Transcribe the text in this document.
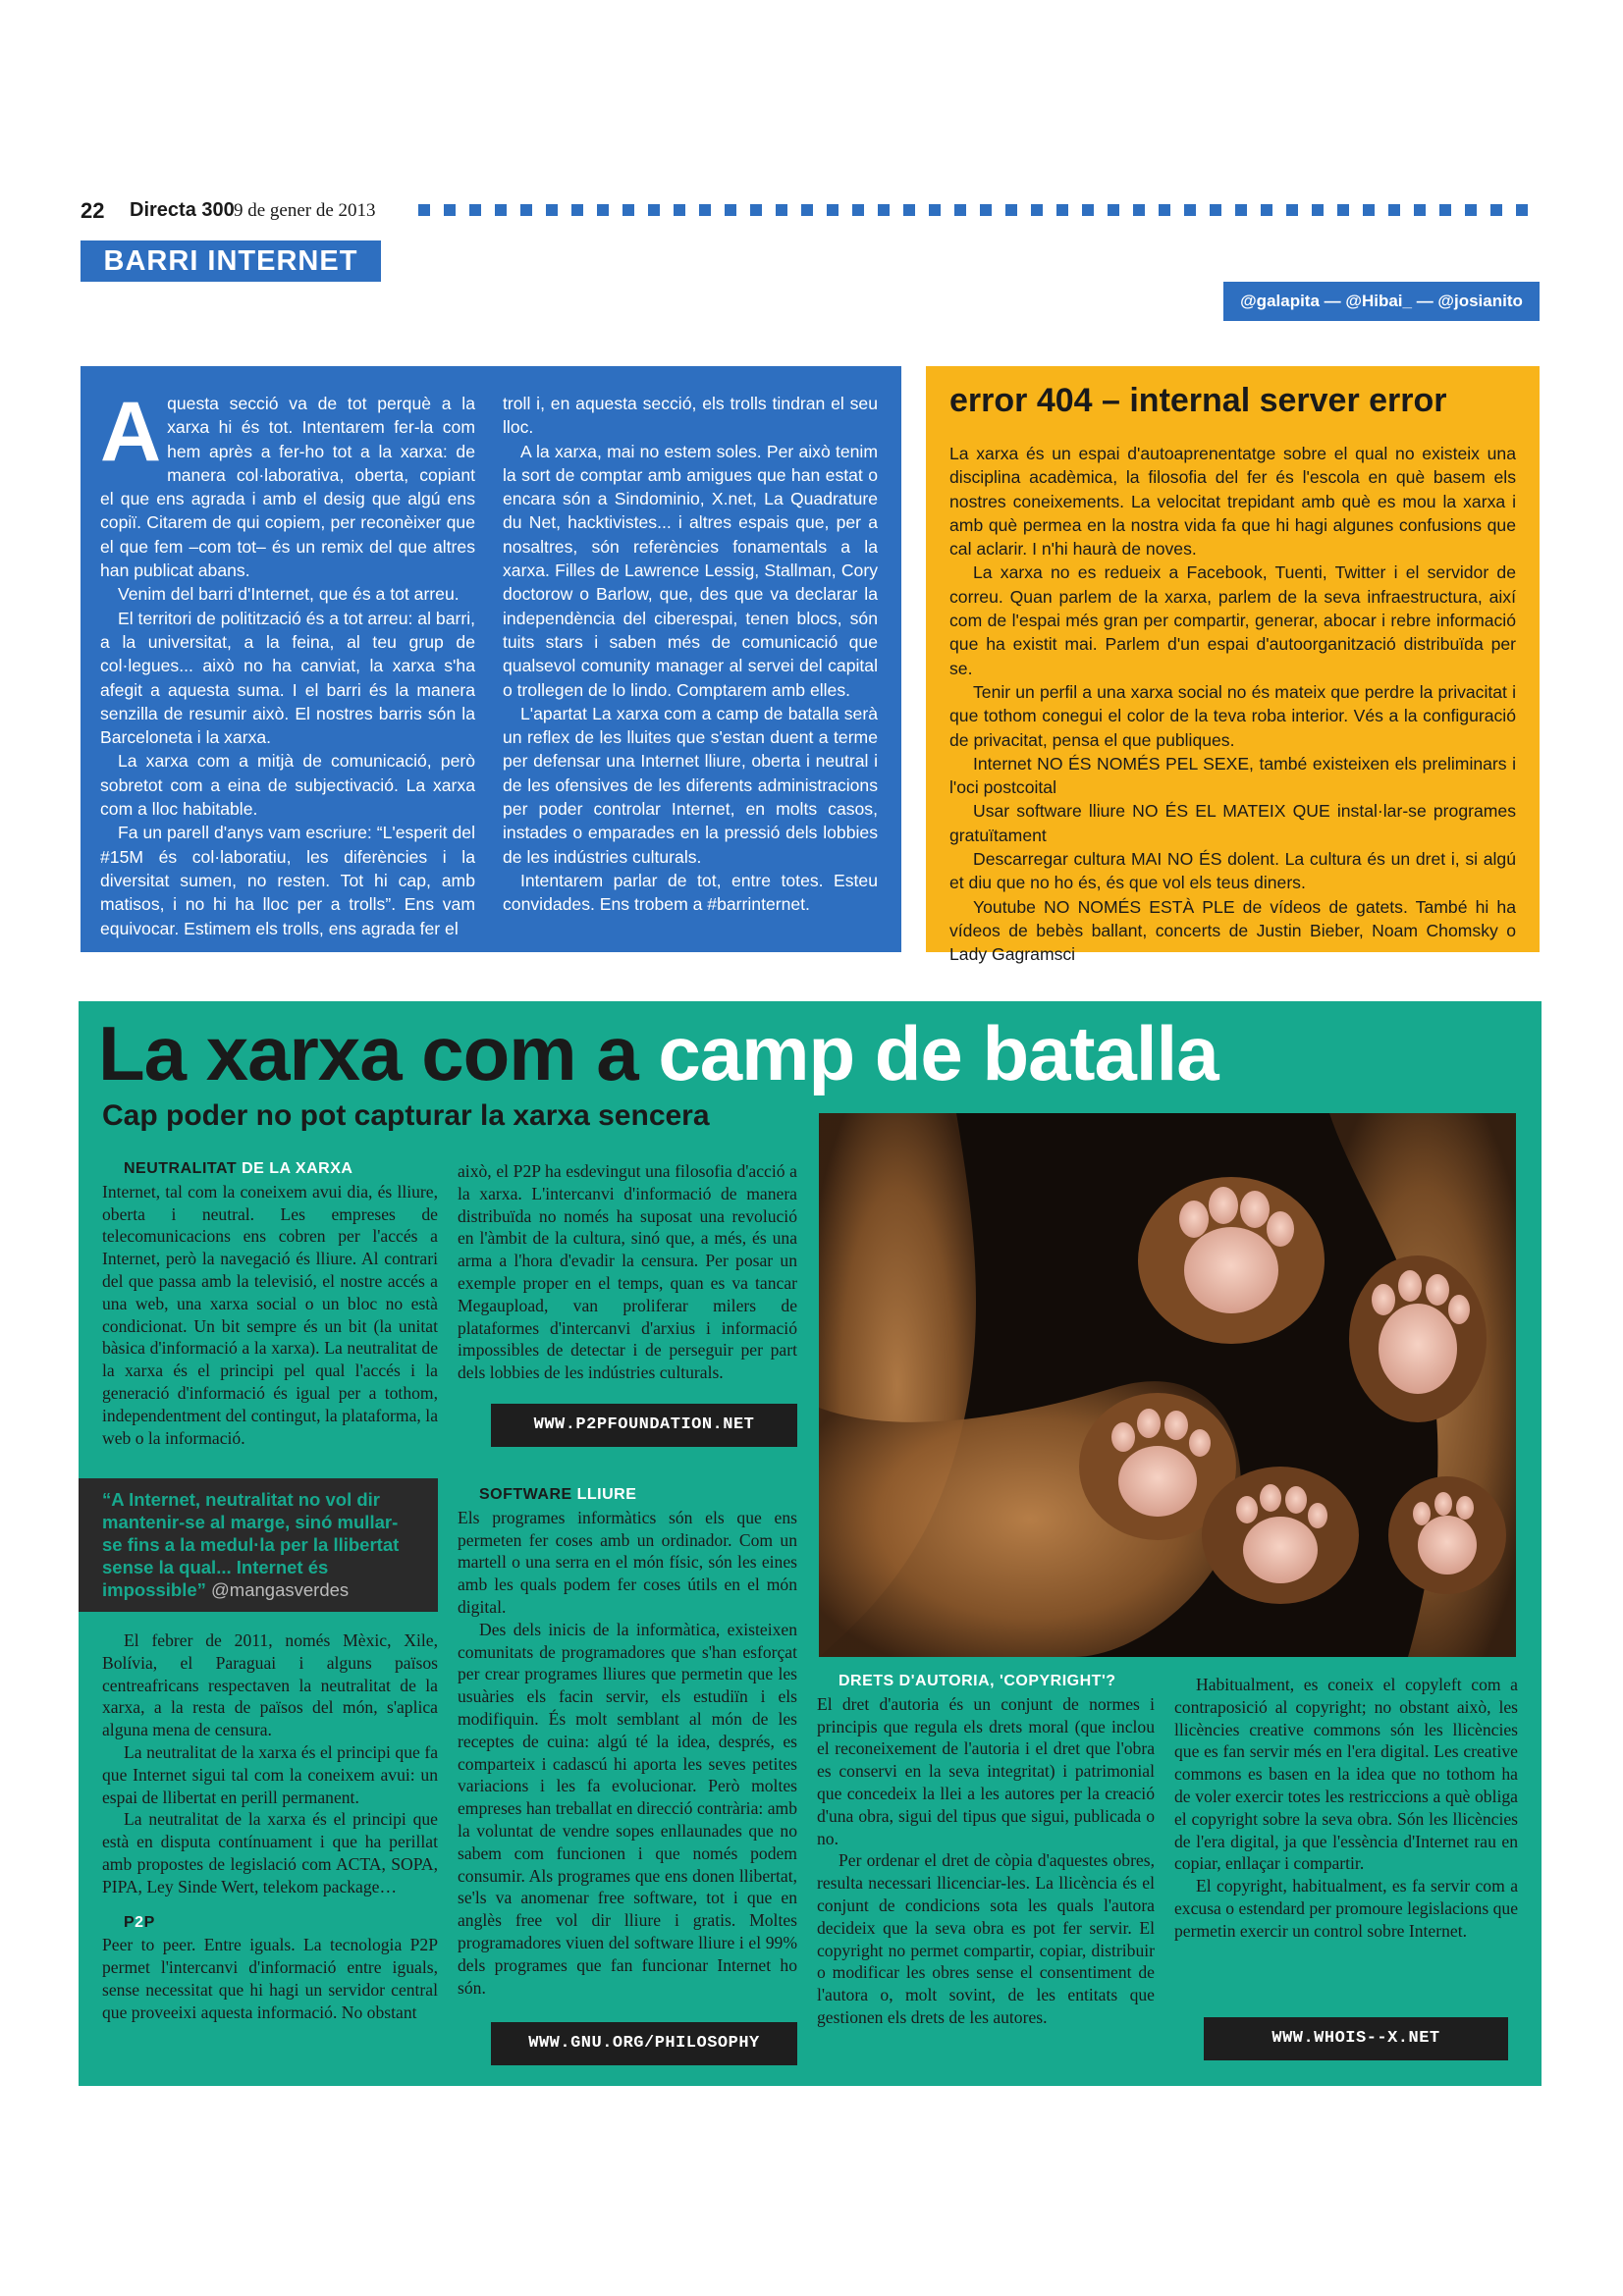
22 Directa 300 9 de gener de 2013
BARRI INTERNET
@galapita — @Hibai_ — @josianito

Aquesta secció va de tot perquè a la xarxa hi és tot. Intentarem fer-la com hem après a fer-ho tot a la xarxa: de manera col·laborativa, oberta, copiant el que ens agrada i amb el desig que algú ens copiï. Citarem de qui copiem, per reconèixer que el que fem –com tot– és un remix del que altres han publicat abans.

Venim del barri d'Internet, que és a tot arreu.

El territori de politització és a tot arreu: al barri, a la universitat, a la feina, al teu grup de col·legues... això no ha canviat, la xarxa s'ha afegit a aquesta suma. I el barri és la manera senzilla de resumir això. El nostres barris són la Barceloneta i la xarxa.

La xarxa com a mitjà de comunicació, però sobretot com a eina de subjectivació. La xarxa com a lloc habitable.

Fa un parell d'anys vam escriure: “L'esperit del #15M és col·laboratiu, les diferències i la diversitat sumen, no resten. Tot hi cap, amb matisos, i no hi ha lloc per a trolls”. Ens vam equivocar. Estimem els trolls, ens agrada fer el

troll i, en aquesta secció, els trolls tindran el seu lloc.

A la xarxa, mai no estem soles. Per això tenim la sort de comptar amb amigues que han estat o encara són a Sindominio, X.net, La Quadrature du Net, hacktivistes... i altres espais que, per a nosaltres, són referències fonamentals a la xarxa. Filles de Lawrence Lessig, Stallman, Cory doctorow o Barlow, que, des que va declarar la independència del ciberespai, tenen blocs, són tuits stars i saben més de comunicació que qualsevol comunity manager al servei del capital o trollegen de lo lindo. Comptarem amb elles.

L'apartat La xarxa com a camp de batalla serà un reflex de les lluites que s'estan duent a terme per defensar una Internet lliure, oberta i neutral i de les ofensives de les diferents administracions per poder controlar Internet, en molts casos, instades o emparades en la pressió dels lobbies de les indústries culturals.

Intentarem parlar de tot, entre totes. Esteu convidades. Ens trobem a #barrinternet.

error 404 – internal server error

La xarxa és un espai d'autoaprenentatge sobre el qual no existeix una disciplina acadèmica, la filosofia del fer és l'escola en què basem els nostres coneixements. La velocitat trepidant amb què es mou la xarxa i amb què permea en la nostra vida fa que hi hagi algunes confusions que cal aclarir. I n'hi haurà de noves.

La xarxa no es redueix a Facebook, Tuenti, Twitter i el servidor de correu. Quan parlem de la xarxa, parlem de la seva infraestructura, així com de l'espai més gran per compartir, generar, abocar i rebre informació que ha existit mai. Parlem d'un espai d'autoorganització distribuïda per se.

Tenir un perfil a una xarxa social no és mateix que perdre la privacitat i que tothom conegui el color de la teva roba interior. Vés a la configuració de privacitat, pensa el que publiques.

Internet NO ÉS NOMÉS PEL SEXE, també existeixen els preliminars i l'oci postcoital

Usar software lliure NO ÉS EL MATEIX QUE instal·lar-se programes gratuïtament

Descarregar cultura MAI NO ÉS dolent. La cultura és un dret i, si algú et diu que no ho és, és que vol els teus diners.

Youtube NO NOMÉS ESTÀ PLE de vídeos de gatets. També hi ha vídeos de bebès ballant, concerts de Justin Bieber, Noam Chomsky o Lady Gagramsci

La xarxa com a camp de batalla
Cap poder no pot capturar la xarxa sencera

NEUTRALITAT DE LA XARXA

Internet, tal com la coneixem avui dia, és lliure, oberta i neutral. Les empreses de telecomunicacions ens cobren per l'accés a Internet, però la navegació és lliure. Al contrari del que passa amb la televisió, el nostre accés a una web, una xarxa social o un bloc no està condicionat. Un bit sempre és un bit (la unitat bàsica d'informació a la xarxa). La neutralitat de la xarxa és el principi pel qual l'accés i la generació d'informació és igual per a tothom, independentment del contingut, la plataforma, la web o la informació.

“A Internet, neutralitat no vol dir mantenir-se al marge, sinó mullar-se fins a la medul·la per la llibertat sense la qual... Internet és impossible” @mangasverdes

El febrer de 2011, només Mèxic, Xile, Bolívia, el Paraguai i alguns països centreafricans respectaven la neutralitat de la xarxa, a la resta de països del món, s'aplica alguna mena de censura.

La neutralitat de la xarxa és el principi que fa que Internet sigui tal com la coneixem avui: un espai de llibertat en perill permanent.

La neutralitat de la xarxa és el principi que està en disputa contínuament i que ha perillat amb propostes de legislació com ACTA, SOPA, PIPA, Ley Sinde Wert, telekom package…

P2P

Peer to peer. Entre iguals. La tecnologia P2P permet l'intercanvi d'informació entre iguals, sense necessitat que hi hagi un servidor central que proveeixi aquesta informació. No obstant

això, el P2P ha esdevingut una filosofia d'acció a la xarxa. L'intercanvi d'informació de manera distribuïda no només ha suposat una revolució en l'àmbit de la cultura, sinó que, a més, és una arma a l'hora d'evadir la censura. Per posar un exemple proper en el temps, quan es va tancar Megaupload, van proliferar milers de plataformes d'intercanvi d'arxius i informació impossibles de detectar i de perseguir per part dels lobbies de les indústries culturals.

WWW.P2PFOUNDATION.NET

SOFTWARE LLIURE

Els programes informàtics són els que ens permeten fer coses amb un ordinador. Com un martell o una serra en el món físic, són les eines amb les quals podem fer coses útils en el món digital.

Des dels inicis de la informàtica, existeixen comunitats de programadores que s'han esforçat per crear programes lliures que permetin que les usuàries els facin servir, els estudiïn i els modifiquin. És molt semblant al món de les receptes de cuina: algú té la idea, després, es comparteix i cadascú hi aporta les seves petites variacions i les fa evolucionar. Però moltes empreses han treballat en direcció contrària: amb la voluntat de vendre sopes enllaunades que no sabem com funcionen i que només podem consumir. Als programes que ens donen llibertat, se'ls va anomenar free software, tot i que en anglès free vol dir lliure i gratis. Moltes programadores viuen del software lliure i el 99% dels programes que fan funcionar Internet ho són.

WWW.GNU.ORG/PHILOSOPHY

DRETS D'AUTORIA, 'COPYRIGHT'?

El dret d'autoria és un conjunt de normes i principis que regula els drets moral (que inclou el reconeixement de l'autoria i el dret que l'obra es conservi en la seva integritat) i patrimonial que concedeix la llei a les autores per la creació d'una obra, sigui del tipus que sigui, publicada o no.

Per ordenar el dret de còpia d'aquestes obres, resulta necessari llicenciar-les. La llicència és el conjunt de condicions sota les quals l'autora decideix que la seva obra es pot fer servir. El copyright no permet compartir, copiar, distribuir o modificar les obres sense el consentiment de l'autora o, molt sovint, de les entitats que gestionen els drets de les autores.

Habitualment, es coneix el copyleft com a contraposició al copyright; no obstant això, les llicències creative commons són les llicències que es fan servir més en l'era digital. Les creative commons es basen en la idea que no tothom ha de voler exercir totes les restriccions a què obliga el copyright sobre la seva obra. Són les llicències de l'era digital, ja que l'essència d'Internet rau en copiar, enllaçar i compartir.

El copyright, habitualment, es fa servir com a excusa o estendard per promoure legislacions que permetin exercir un control sobre Internet.

WWW.WHOIS--X.NET
